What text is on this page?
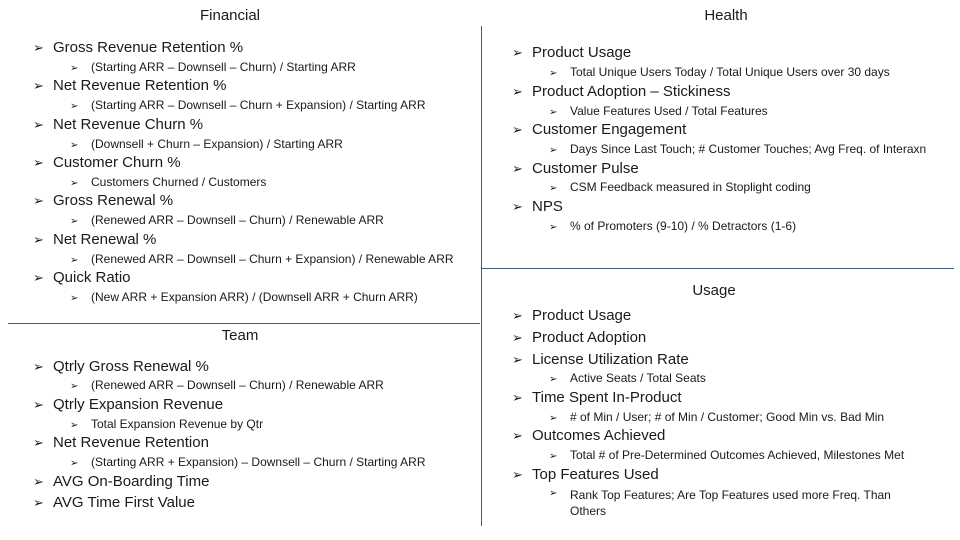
Financial	Health
Team
Usage
➢ Gross Revenue Retention %
➢ (Starting ARR – Downsell – Churn) / Starting ARR
➢ Net Revenue Retention %
➢ (Starting ARR – Downsell – Churn + Expansion) / Starting ARR
➢ Net Revenue Churn %
➢ (Downsell + Churn – Expansion) / Starting ARR
➢ Customer Churn %
➢ Customers Churned / Customers
➢ Gross Renewal %
➢ (Renewed ARR – Downsell – Churn) / Renewable ARR
➢ Net Renewal %
➢ (Renewed ARR – Downsell – Churn + Expansion) / Renewable ARR
➢ Quick Ratio
➢ (New ARR + Expansion ARR) / (Downsell ARR + Churn ARR)
➢ Qtrly Gross Renewal %
➢ (Renewed ARR – Downsell – Churn) / Renewable ARR
➢ Qtrly Expansion Revenue
➢ Total Expansion Revenue by Qtr
➢ Net Revenue Retention
➢ (Starting ARR + Expansion) – Downsell – Churn / Starting ARR
➢ AVG On-Boarding Time
➢ AVG Time First Value
➢ Product Usage
➢ Total Unique Users Today / Total Unique Users over 30 days
➢ Product Adoption – Stickiness
➢ Value Features Used / Total Features
➢ Customer Engagement
➢ Days Since Last Touch; # Customer Touches; Avg Freq. of Interaxn
➢ Customer Pulse
➢ CSM Feedback measured in Stoplight coding
➢ NPS
➢ % of Promoters (9-10) / % Detractors (1-6)
➢ Product Usage
➢ Product Adoption
➢ License Utilization Rate
➢ Active Seats / Total Seats
➢ Time Spent In-Product
➢ # of Min / User; # of Min / Customer; Good Min vs. Bad Min
➢ Outcomes Achieved
➢ Total # of Pre-Determined Outcomes Achieved, Milestones Met
➢ Top Features Used
➢	Rank Top Features; Are Top Features used more Freq. Than Others
